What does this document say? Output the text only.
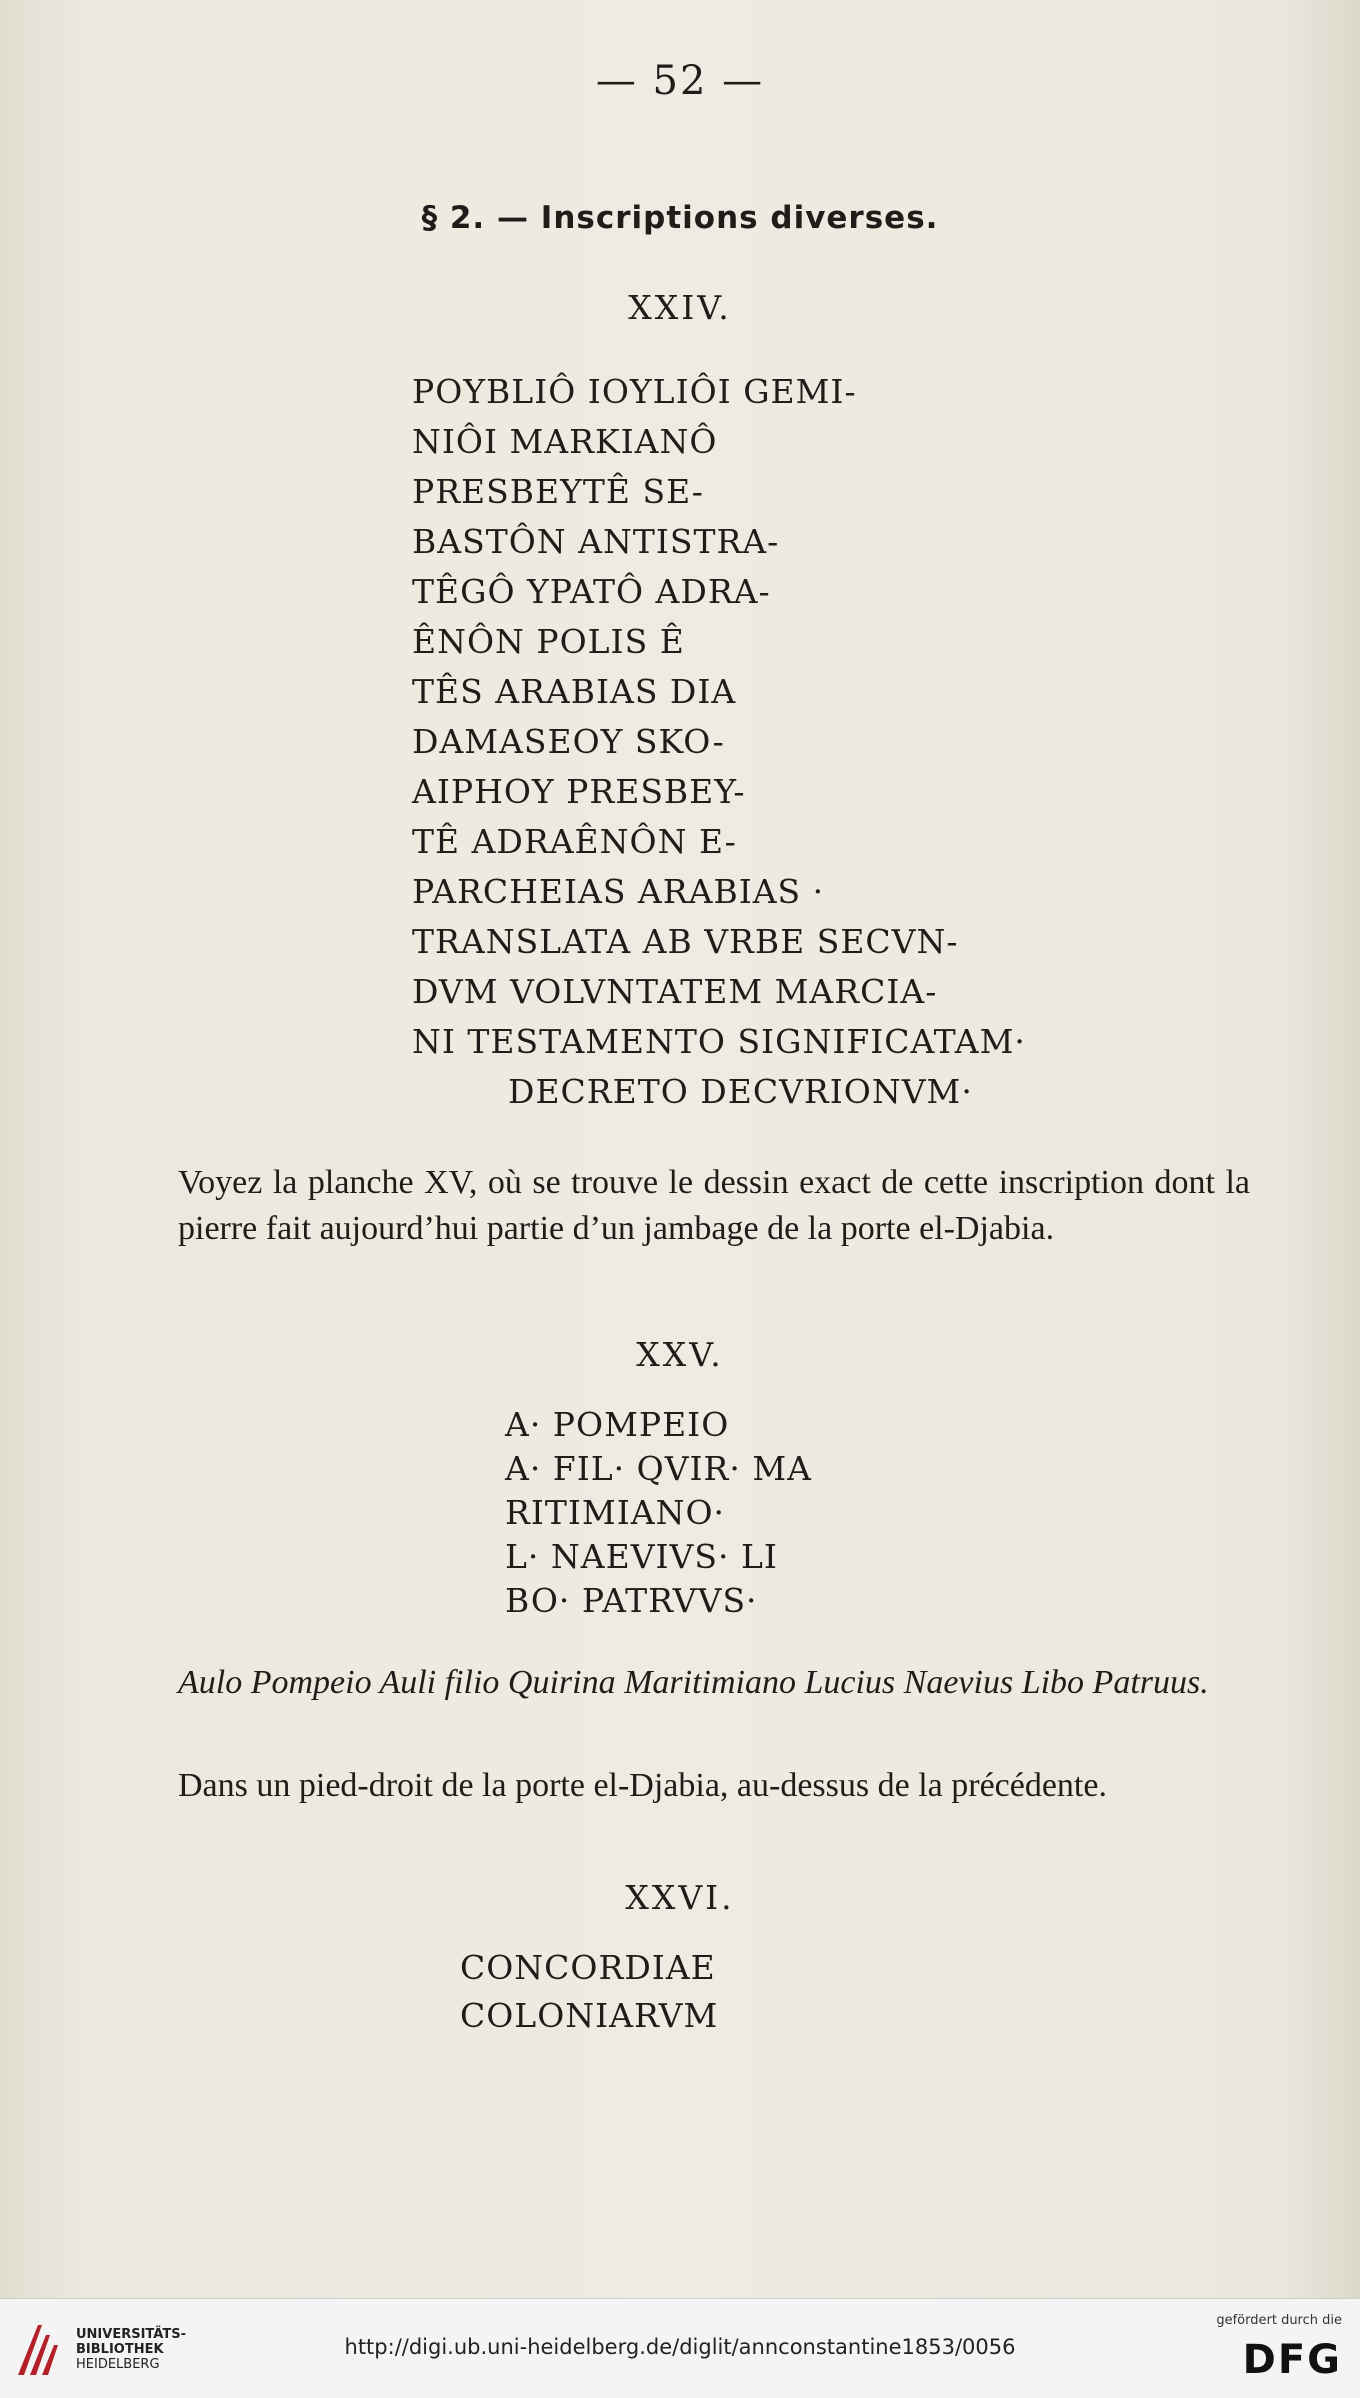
— 52 —
§ 2. — Inscriptions diverses.
XXIV.
POYBLIÔ IOYLIÔI GEMI-
NIÔI MARKIANÔ
PRESBEYTÊ SE-
BASTÔN ANTISTRA-
TÊGÔ YPATÔ ADRA-
ÊNÔN POLIS Ê
TÊS ARABIAS DIA
DAMASEOY SKO-
AIPHOY PRESBEY-
TÊ ADRAÊNÔN E-
PARCHEIAS ARABIAS ·
TRANSLATA AB VRBE SECVN-
DVM VOLVNTATEM MARCIA-
NI TESTAMENTO SIGNIFICATAM·
DECRETO DECVRIONVM·
Voyez la planche XV, où se trouve le dessin exact de cette inscription dont la pierre fait aujourd’hui partie d’un jambage de la porte el-Djabia.
XXV.
A· POMPEIO
A· FIL· QVIR· MA
RITIMIANO·
L· NAEVIVS· LI
BO· PATRVVS·
Aulo Pompeio Auli filio Quirina Maritimiano Lucius Naevius Libo Patruus.
Dans un pied-droit de la porte el-Djabia, au-dessus de la précédente.
XXVI.
CONCORDIAE
COLONIARVM
UNIVERSITÄTS-
BIBLIOTHEK
HEIDELBERG
http://digi.ub.uni-heidelberg.de/diglit/annconstantine1853/0056
gefördert durch die
DFG
